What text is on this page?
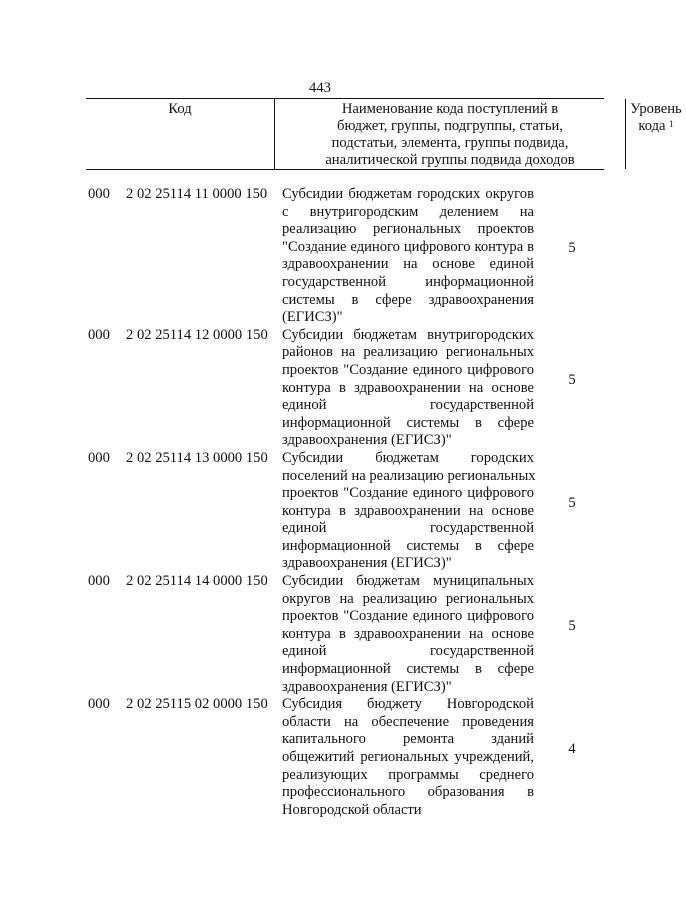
443
Код	Наименование кода поступлений в
бюджет, группы, подгруппы, статьи,
подстатьи, элемента, группы подвида,
аналитической группы подвида доходов
Уровень
кода $^1$
000 2 02 25114 11 0000 150 Субсидии бюджетам городских округов
с внутригородским делением на
реализацию региональных проектов
"Создание единого цифрового контура в
здравоохранении на основе единой
государственной информационной
системы в сфере здравоохранения
(ЕГИСЗ)"
5
000 2 02 25114 12 0000 150 Субсидии бюджетам внутригородских
районов на реализацию региональных
проектов "Создание единого цифрового
контура в здравоохранении на основе
единой государственной
информационной системы в сфере
здравоохранения (ЕГИСЗ)"
5
000 2 02 25114 13 0000 150 Субсидии бюджетам городских
поселений на реализацию региональных
проектов "Создание единого цифрового
контура в здравоохранении на основе
единой государственной
информационной системы в сфере
здравоохранения (ЕГИСЗ)"
5
000 2 02 25114 14 0000 150 Субсидии бюджетам муниципальных
округов на реализацию региональных
проектов "Создание единого цифрового
контура в здравоохранении на основе
единой государственной
информационной системы в сфере
здравоохранения (ЕГИСЗ)"
5
000 2 02 25115 02 0000 150 Субсидия бюджету Новгородской
области на обеспечение проведения
капитального ремонта зданий
общежитий региональных учреждений,
реализующих программы среднего
профессионального образования в
Новгородской области
4
